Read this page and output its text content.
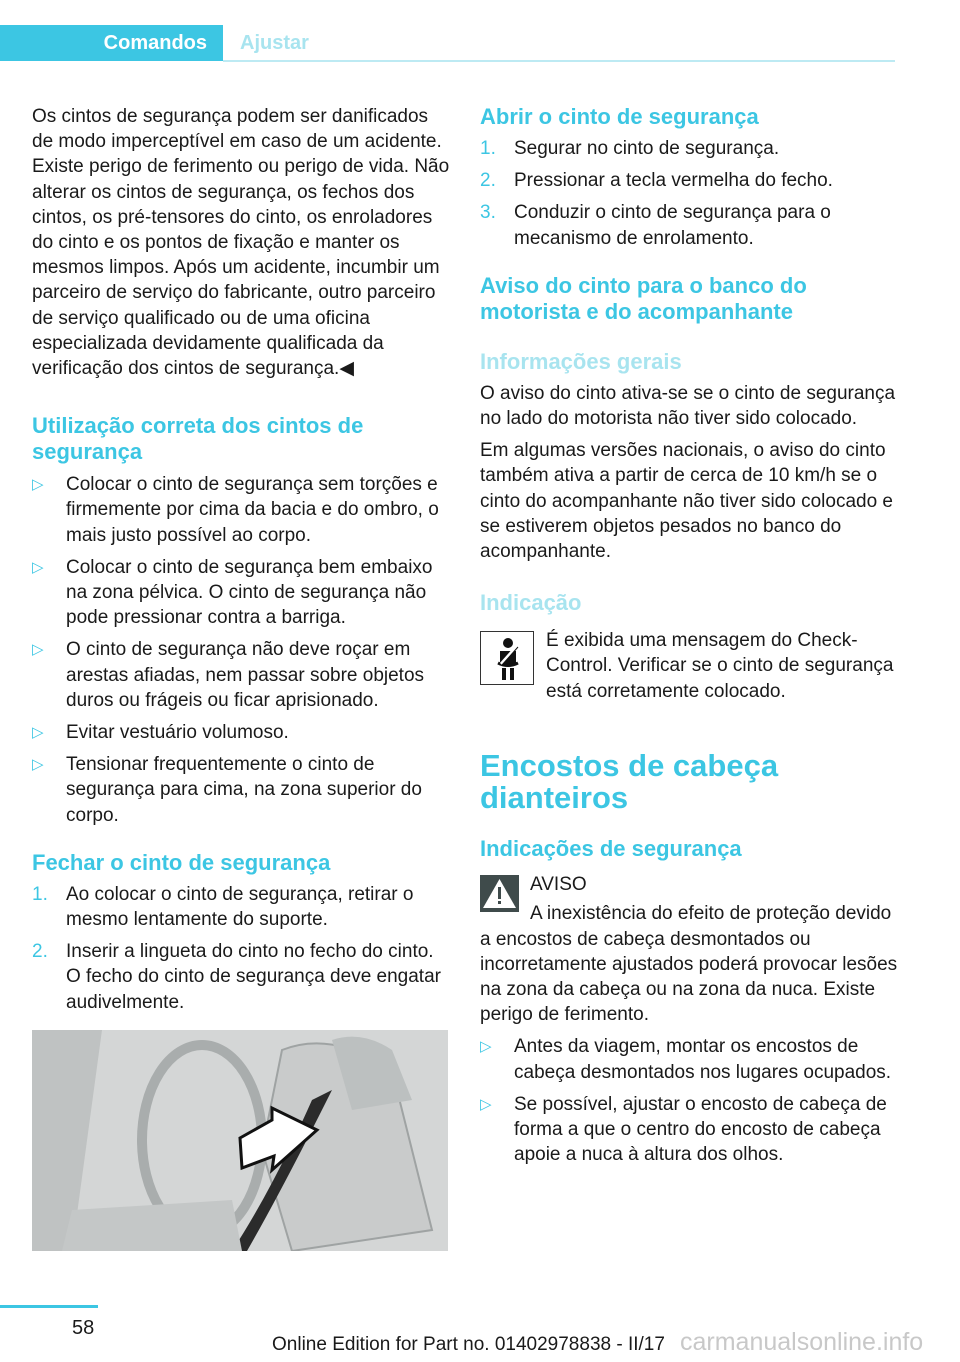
Comandos	Ajustar

Os cintos de segurança podem ser danificados de modo imperceptível em caso de um acidente. Existe perigo de ferimento ou perigo de vida. Não alterar os cintos de segurança, os fechos dos cintos, os pré-tensores do cinto, os enroladores do cinto e os pontos de fixação e manter os mesmos limpos. Após um acidente, incumbir um parceiro de serviço do fabricante, outro parceiro de serviço qualificado ou de uma oficina especializada devidamente qualificada da verificação dos cintos de segurança.◀

Utilização correta dos cintos de segurança
▷ Colocar o cinto de segurança sem torções e firmemente por cima da bacia e do ombro, o mais justo possível ao corpo.
▷ Colocar o cinto de segurança bem embaixo na zona pélvica. O cinto de segurança não pode pressionar contra a barriga.
▷ O cinto de segurança não deve roçar em arestas afiadas, nem passar sobre objetos duros ou frágeis ou ficar aprisionado.
▷ Evitar vestuário volumoso.
▷ Tensionar frequentemente o cinto de segurança para cima, na zona superior do corpo.
Fechar o cinto de segurança
1. Ao colocar o cinto de segurança, retirar o mesmo lentamente do suporte.
2. Inserir a lingueta do cinto no fecho do cinto. O fecho do cinto de segurança deve engatar audivelmente.
Abrir o cinto de segurança
1. Segurar no cinto de segurança.
2. Pressionar a tecla vermelha do fecho.
3. Conduzir o cinto de segurança para o mecanismo de enrolamento.
Aviso do cinto para o banco do motorista e do acompanhante
Informações gerais

O aviso do cinto ativa-se se o cinto de segurança no lado do motorista não tiver sido colocado.

Em algumas versões nacionais, o aviso do cinto também ativa a partir de cerca de 10 km/h se o cinto do acompanhante não tiver sido colocado e se estiverem objetos pesados no banco do acompanhante.

Indicação

É exibida uma mensagem do Check-Control. Verificar se o cinto de segurança está corretamente colocado.

Encostos de cabeça dianteiros
Indicações de segurança

AVISO

A inexistência do efeito de proteção devido a encostos de cabeça desmontados ou incorretamente ajustados poderá provocar lesões na zona da cabeça ou na zona da nuca. Existe perigo de ferimento.

▷ Antes da viagem, montar os encostos de cabeça desmontados nos lugares ocupados.
▷ Se possível, ajustar o encosto de cabeça de forma a que o centro do encosto de cabeça apoie a nuca à altura dos olhos.
58
Online Edition for Part no. 01402978838 - II/17 carmanualsonline.info
